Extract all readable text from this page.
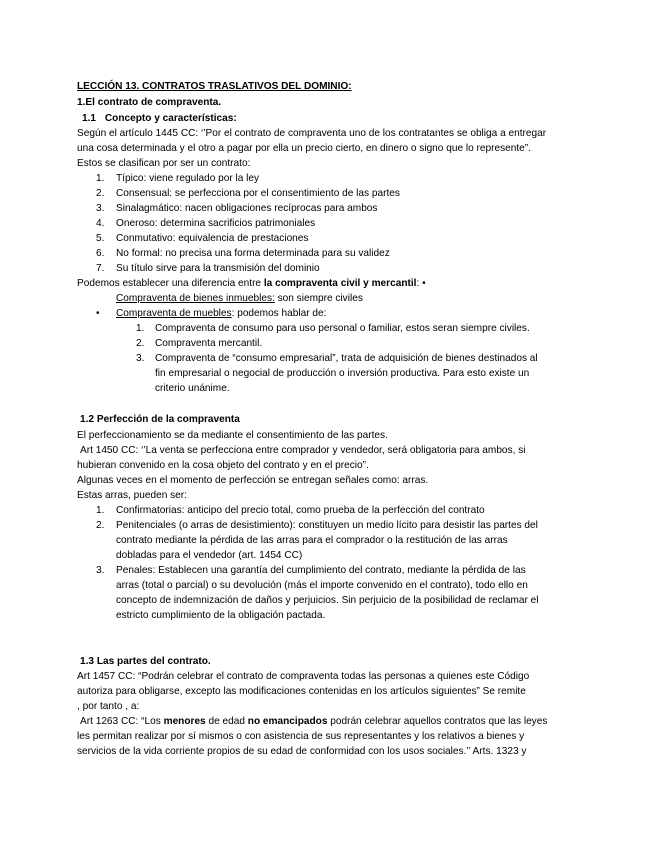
LECCIÓN 13. CONTRATOS TRASLATIVOS DEL DOMINIO:
1.El contrato de compraventa.
1.1 Concepto y características:
Según el artículo 1445 CC: ‘’Por el contrato de compraventa uno de los contratantes se obliga a entregar
una cosa determinada y el otro a pagar por ella un precio cierto, en dinero o signo que lo represente”.
Estos se clasifican por ser un contrato:
1. Típico: viene regulado por la ley
2. Consensual: se perfecciona por el consentimiento de las partes
3. Sinalagmático: nacen obligaciones recíprocas para ambos
4. Oneroso: determina sacrificios patrimoniales
5. Conmutativo: equivalencia de prestaciones
6. No formal: no precisa una forma determinada para su validez
7. Su título sirve para la transmisión del dominio
Podemos establecer una diferencia entre la compraventa civil y mercantil: •
Compraventa de bienes inmuebles: son siempre civiles
• Compraventa de muebles: podemos hablar de:
1. Compraventa de consumo para uso personal o familiar, estos seran siempre civiles.
2. Compraventa mercantil.
3. Compraventa de “consumo empresarial”, trata de adquisición de bienes destinados al
fin empresarial o negocial de producción o inversión productiva. Para esto existe un
criterio unánime.
1.2 Perfección de la compraventa
El perfeccionamiento se da mediante el consentimiento de las partes.
Art 1450 CC: ‘’La venta se perfecciona entre comprador y vendedor, será obligatoria para ambos, si
hubieran convenido en la cosa objeto del contrato y en el precio”.
Algunas veces en el momento de perfección se entregan señales como: arras.
Estas arras, pueden ser:
1. Confirmatorias: anticipo del precio total, como prueba de la perfección del contrato
2. Penitenciales (o arras de desistimiento): constituyen un medio lícito para desistir las partes del
contrato mediante la pérdida de las arras para el comprador o la restitución de las arras
dobladas para el vendedor (art. 1454 CC)
3. Penales: Establecen una garantía del cumplimiento del contrato, mediante la pérdida de las
arras (total o parcial) o su devolución (más el importe convenido en el contrato), todo ello en
concepto de indemnización de daños y perjuicios. Sin perjuicio de la posibilidad de reclamar el
estricto cumplimiento de la obligación pactada.
1.3 Las partes del contrato.
Art 1457 CC: “Podrán celebrar el contrato de compraventa todas las personas a quienes este Código
autoriza para obligarse, excepto las modificaciones contenidas en los artículos siguientes” Se remite
, por tanto , a:
Art 1263 CC: “Los menores de edad no emancipados podrán celebrar aquellos contratos que las leyes
les permitan realizar por sí mismos o con asistencia de sus representantes y los relativos a bienes y
servicios de la vida corriente propios de su edad de conformidad con los usos sociales.’’ Arts. 1323 y
